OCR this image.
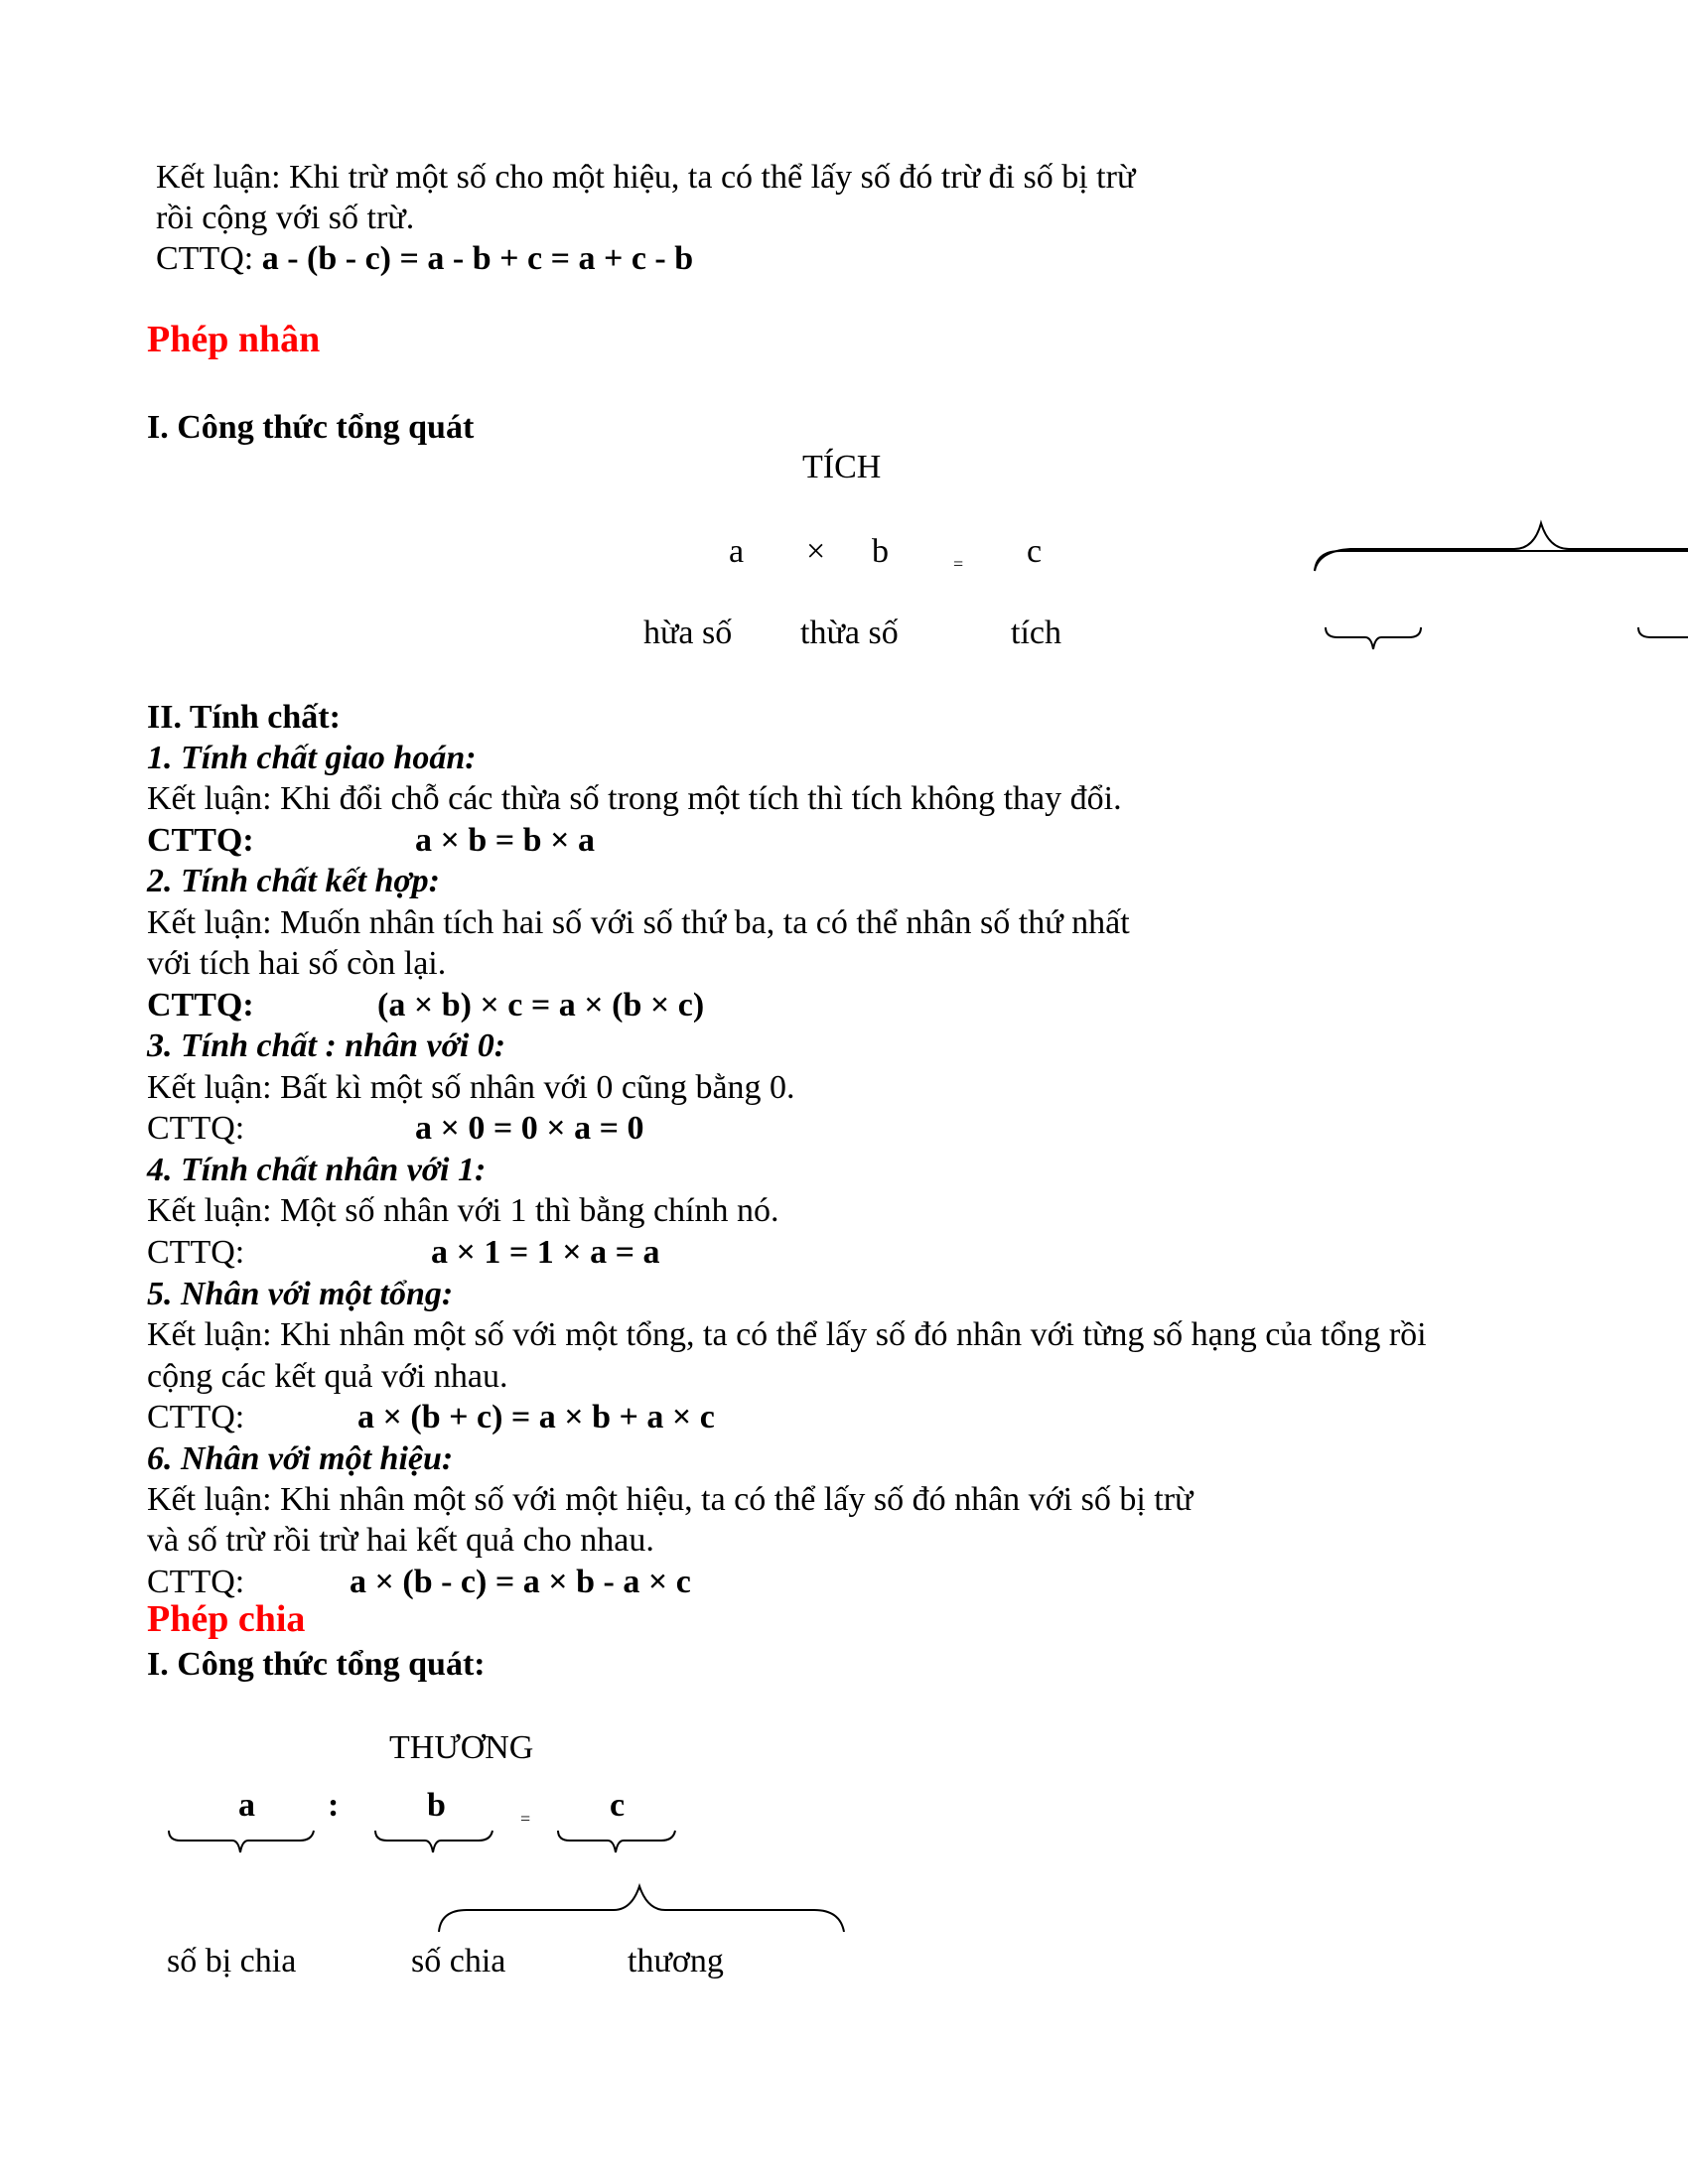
Kết luận: Khi trừ một số cho một hiệu, ta có thể lấy số đó trừ đi số bị trừ
rồi cộng với số trừ.
CTTQ: a - (b - c) = a - b + c = a + c - b
Phép nhân
I. Công thức tổng quát
TÍCH
a × b	= c
hừa số thừa số	tích
II. Tính chất:
1. Tính chất giao hoán:
Kết luận: Khi đổi chỗ các thừa số trong một tích thì tích không thay đổi.
CTTQ:	a × b = b × a
2. Tính chất kết hợp:
Kết luận: Muốn nhân tích hai số với số thứ ba, ta có thể nhân số thứ nhất
với tích hai số còn lại.
CTTQ:	(a × b) × c = a × (b × c)
3. Tính chất : nhân với 0:
Kết luận: Bất kì một số nhân với 0 cũng bằng 0.
CTTQ:	a × 0 = 0 × a = 0
4. Tính chất nhân với 1:
Kết luận: Một số nhân với 1 thì bằng chính nó.
CTTQ:	a × 1 = 1 × a = a
5. Nhân với một tổng:
Kết luận: Khi nhân một số với một tổng, ta có thể lấy số đó nhân với từng số hạng của tổng rồi
cộng các kết quả với nhau.
CTTQ:	a × (b + c) = a × b + a × c
6. Nhân với một hiệu:
Kết luận: Khi nhân một số với một hiệu, ta có thể lấy số đó nhân với số bị trừ
và số trừ rồi trừ hai kết quả cho nhau.
CTTQ:	a × (b - c) = a × b - a × c
Phép chia
I. Công thức tổng quát:
THƯƠNG
a :	b	= c
số bị chia	số chia	thương
